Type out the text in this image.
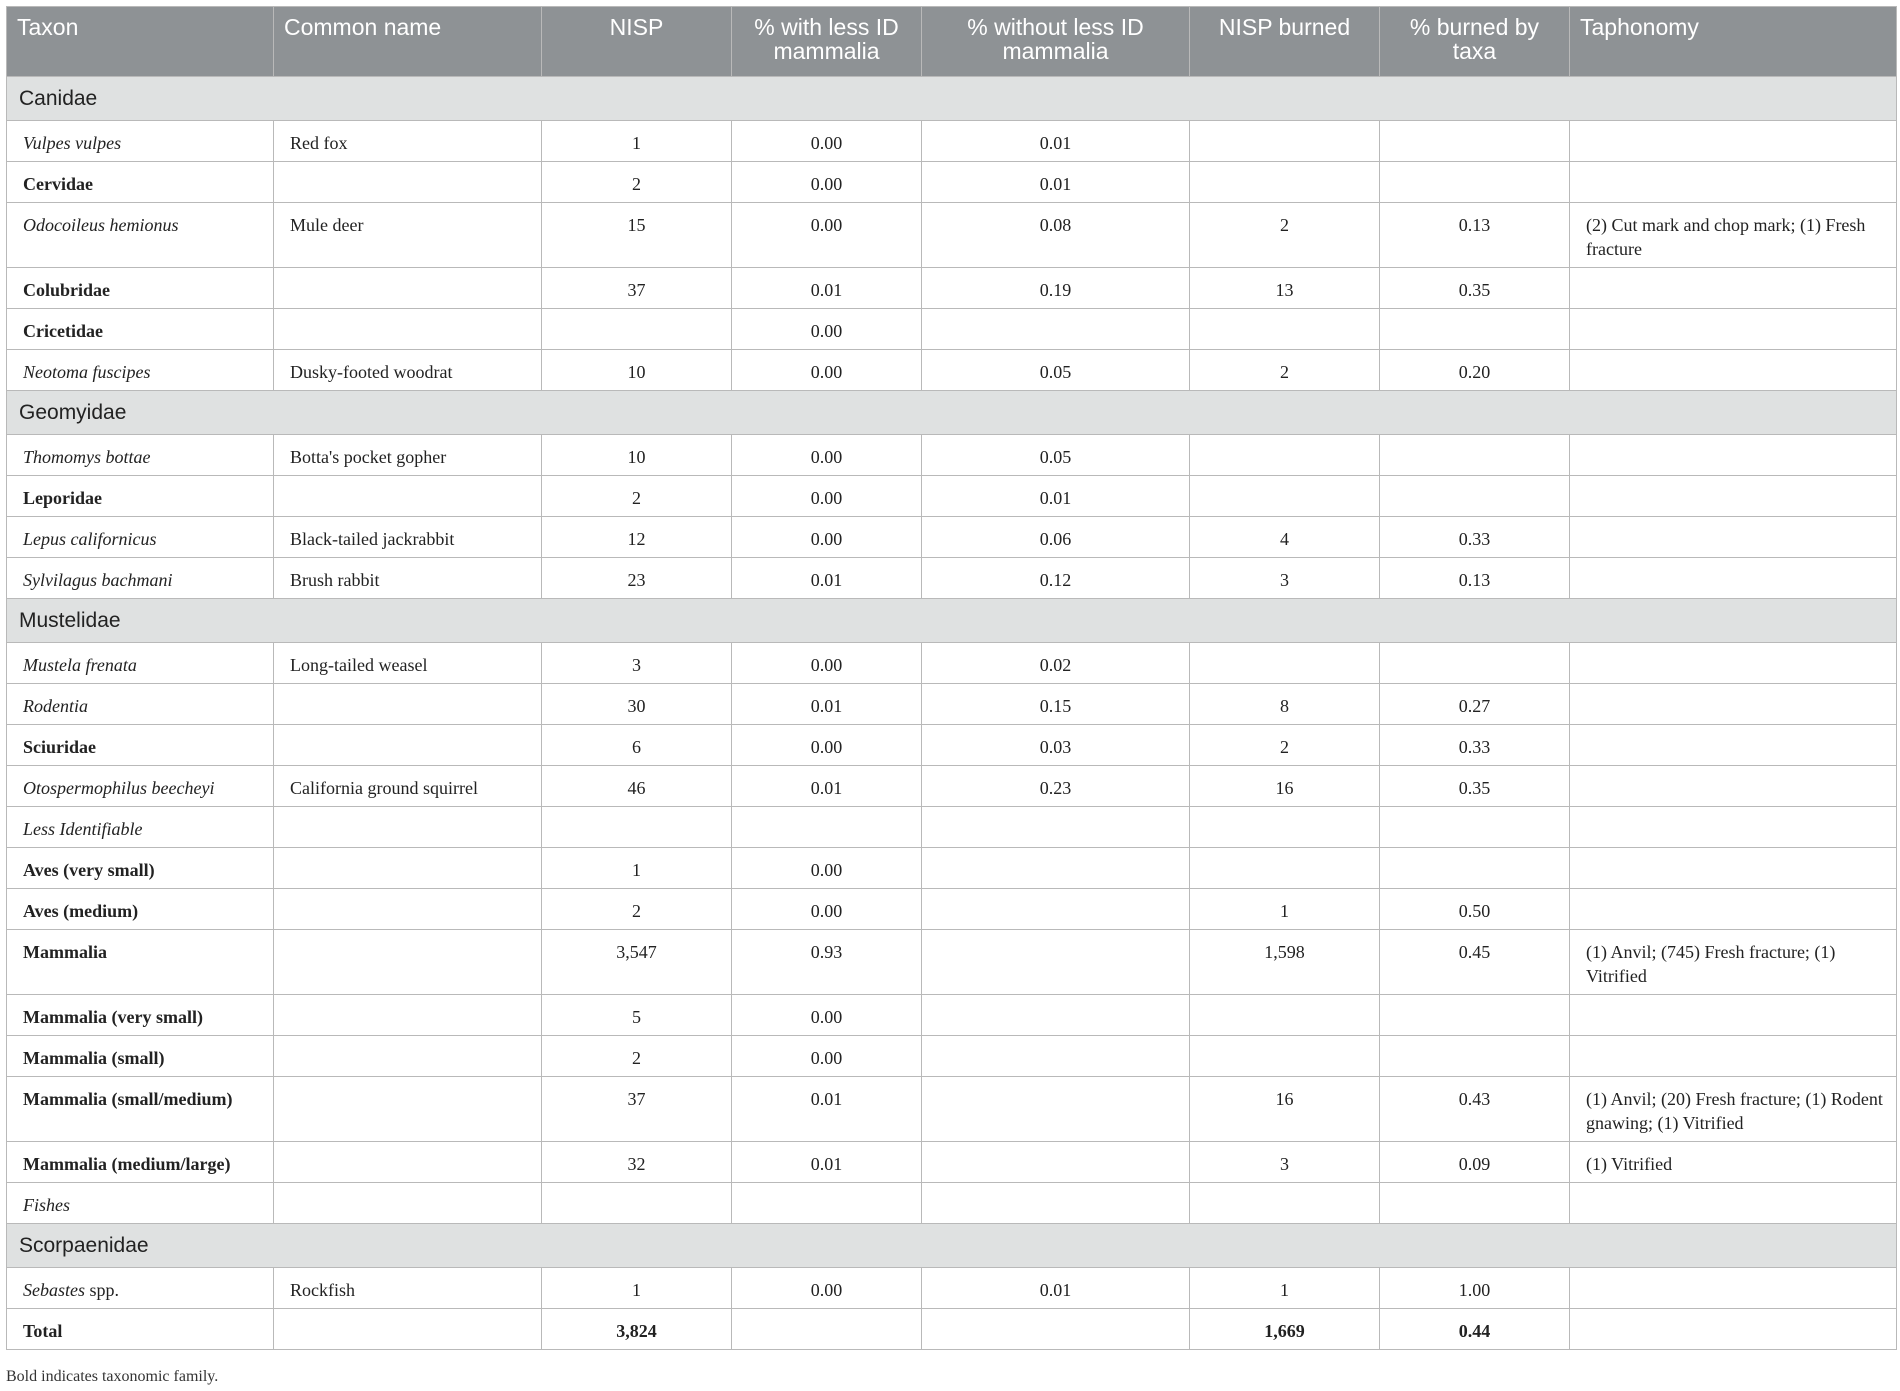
Taxon	Common name	NISP	% with less ID mammalia	% without less ID mammalia	NISP burned	% burned by taxa	Taphonomy
Canidae							
Vulpes vulpes	Red fox	1	0.00	0.01			
Cervidae		2	0.00	0.01			
Odocoileus hemionus	Mule deer	15	0.00	0.08	2	0.13	(2) Cut mark and chop mark; (1) Fresh fracture
Colubridae		37	0.01	0.19	13	0.35	
Cricetidae			0.00				
Neotoma fuscipes	Dusky-footed woodrat	10	0.00	0.05	2	0.20	
Geomyidae							
Thomomys bottae	Botta's pocket gopher	10	0.00	0.05			
Leporidae		2	0.00	0.01			
Lepus californicus	Black-tailed jackrabbit	12	0.00	0.06	4	0.33	
Sylvilagus bachmani	Brush rabbit	23	0.01	0.12	3	0.13	
Mustelidae							
Mustela frenata	Long-tailed weasel	3	0.00	0.02			
Rodentia		30	0.01	0.15	8	0.27	
Sciuridae		6	0.00	0.03	2	0.33	
Otospermophilus beecheyi	California ground squirrel	46	0.01	0.23	16	0.35	
Less Identifiable							
Aves (very small)		1	0.00				
Aves (medium)		2	0.00		1	0.50	
Mammalia		3,547	0.93		1,598	0.45	(1) Anvil; (745) Fresh fracture; (1) Vitrified
Mammalia (very small)		5	0.00				
Mammalia (small)		2	0.00				
Mammalia (small/medium)		37	0.01		16	0.43	(1) Anvil; (20) Fresh fracture; (1) Rodent gnawing; (1) Vitrified
Mammalia (medium/large)		32	0.01		3	0.09	(1) Vitrified
Fishes							
Scorpaenidae							
Sebastes spp.	Rockfish	1	0.00	0.01	1	1.00	
Total		3,824			1,669	0.44	
Bold indicates taxonomic family.
